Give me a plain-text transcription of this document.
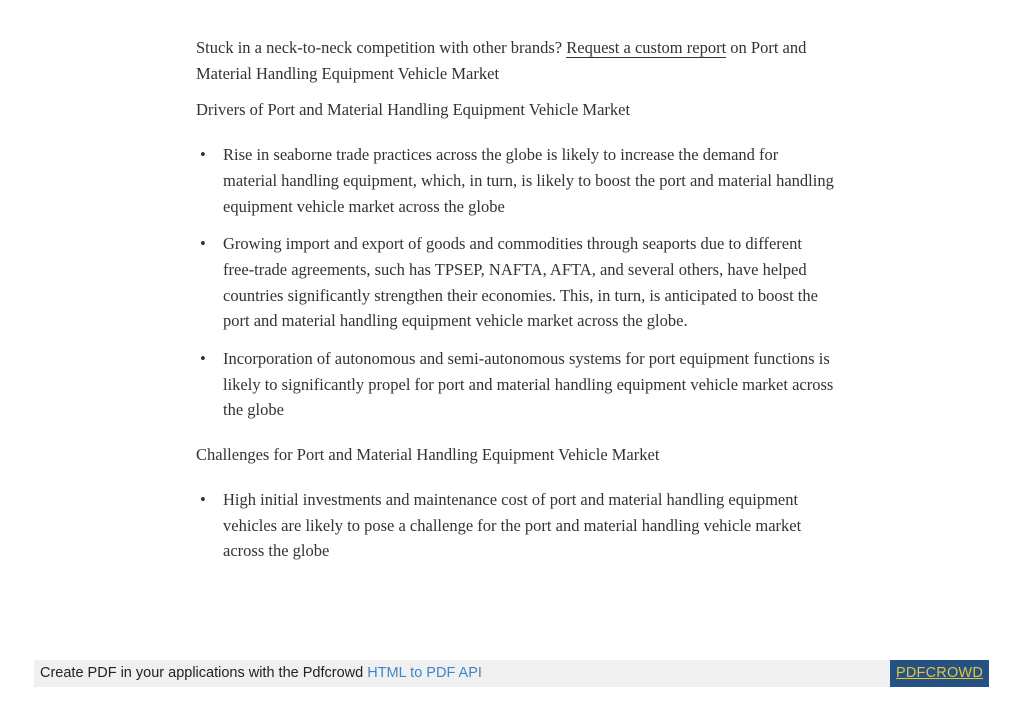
Stuck in a neck-to-neck competition with other brands? Request a custom report on Port and Material Handling Equipment Vehicle Market

Drivers of Port and Material Handling Equipment Vehicle Market

• Rise in seaborne trade practices across the globe is likely to increase the demand for material handling equipment, which, in turn, is likely to boost the port and material handling equipment vehicle market across the globe
• Growing import and export of goods and commodities through seaports due to different free-trade agreements, such has TPSEP, NAFTA, AFTA, and several others, have helped countries significantly strengthen their economies. This, in turn, is anticipated to boost the port and material handling equipment vehicle market across the globe.
• Incorporation of autonomous and semi-autonomous systems for port equipment functions is likely to significantly propel for port and material handling equipment vehicle market across the globe

Challenges for Port and Material Handling Equipment Vehicle Market

• High initial investments and maintenance cost of port and material handling equipment vehicles are likely to pose a challenge for the port and material handling vehicle market across the globe
Create PDF in your applications with the Pdfcrowd HTML to PDF API	PDFCROWD
